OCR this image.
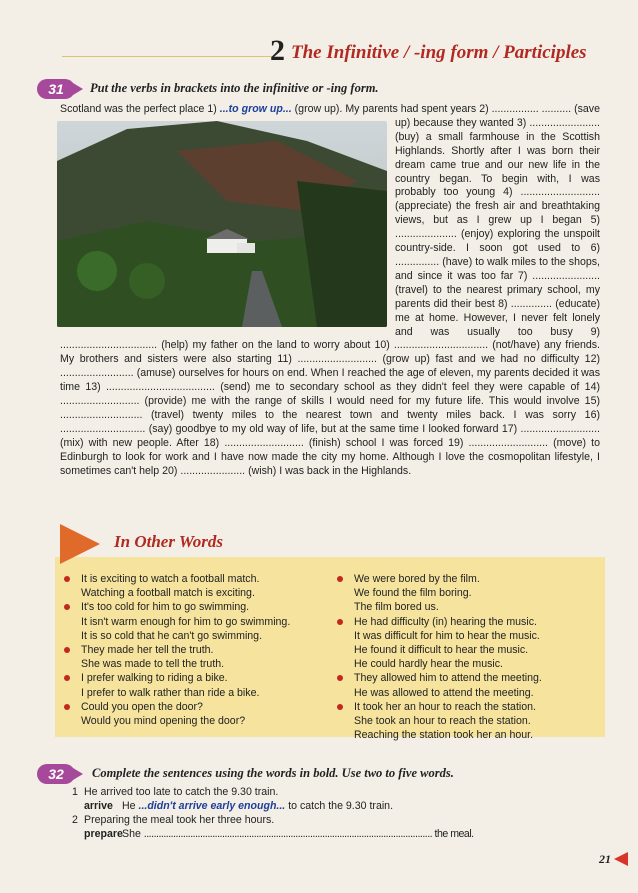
2 The Infinitive / -ing form / Participles
31	Put the verbs in brackets into the infinitive or -ing form.
Scotland was the perfect place 1) ...to grow up...
(grow up). My parents had spent years 2) ................ .......... (save up) because they wanted 3) ........................ (buy) a small farmhouse in the Scottish Highlands. Shortly after I was born their dream came true and our new life in the country began. To begin with, I was probably too young 4) ........................... (appreciate) the fresh air and breathtaking views, but as I grew up I began 5) ..................... (enjoy) exploring the unspoilt country-side. I soon got used to 6) ............... (have) to walk miles to the shops, and since it was too far 7) ....................... (travel) to the nearest primary school, my parents did their best 8) .............. (educate) me at home. However, I never felt lonely and was usually too busy 9) ................................. (help) my father on the land to worry about 10) ................................ (not/have) any friends. My brothers and sisters were also starting 11) ........................... (grow up) fast and we had no difficulty 12) ......................... (amuse) ourselves for hours on end. When I reached the age of eleven, my parents decided it was time 13) ..................................... (send) me to secondary school as they didn't feel they were capable of 14) ........................... (provide) me with the range of skills I would need for my future life. This would involve 15) ............................ (travel) twenty miles to the nearest town and twenty miles back. I was sorry 16) ............................. (say) goodbye to my old way of life, but at the same time I looked forward 17) ........................... (mix) with new people. After 18) ........................... (finish) school I was forced 19) ........................... (move) to Edinburgh to look for work and I have now made the city my home. Although I love the cosmopolitan lifestyle, I sometimes can't help 20) ...................... (wish) I was back in the Highlands.
In Other Words
It is exciting to watch a football match.
Watching a football match is exciting.
It's too cold for him to go swimming.
It isn't warm enough for him to go swimming.
It is so cold that he can't go swimming.
They made her tell the truth.
She was made to tell the truth.
I prefer walking to riding a bike.
I prefer to walk rather than ride a bike.
Could you open the door?
Would you mind opening the door?
We were bored by the film.
We found the film boring.
The film bored us.
He had difficulty (in) hearing the music.
It was difficult for him to hear the music.
He found it difficult to hear the music.
He could hardly hear the music.
They allowed him to attend the meeting.
He was allowed to attend the meeting.
It took her an hour to reach the station.
She took an hour to reach the station.
Reaching the station took her an hour.
32	Complete the sentences using the words in bold. Use two to five words.
1 He arrived too late to catch the 9.30 train.
arrive He ...didn't arrive early enough... to catch the 9.30 train.
2 Preparing the meal took her three hours.
prepareShe ...................................................................................................................... the meal.
21
